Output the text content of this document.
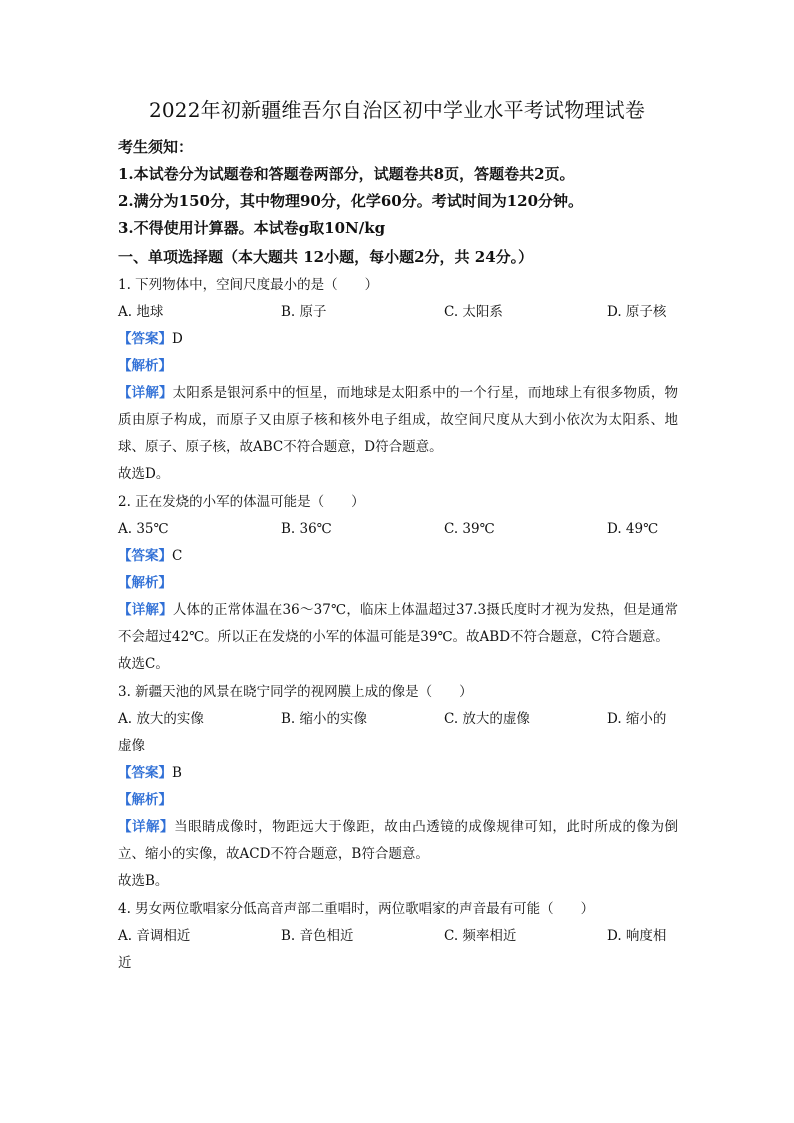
2022年初新疆维吾尔自治区初中学业水平考试物理试卷

考生须知：

1.本试卷分为试题卷和答题卷两部分，试题卷共8页，答题卷共2页。

2.满分为150分，其中物理90分，化学60分。考试时间为120分钟。

3.不得使用计算器。本试卷g取10N/kg

一、单项选择题（本大题共 12小题，每小题2分，共 24分。）

1. 下列物体中，空间尺度最小的是（　　）

A. 地球	B. 原子	C. 太阳系	D. 原子核

【答案】D

【解析】

【详解】太阳系是银河系中的恒星，而地球是太阳系中的一个行星，而地球上有很多物质，物质由原子构成，而原子又由原子核和核外电子组成，故空间尺度从大到小依次为太阳系、地球、原子、原子核，故ABC不符合题意，D符合题意。

故选D。

2. 正在发烧的小军的体温可能是（　　）

A. 35℃	B. 36℃	C. 39℃	D. 49℃

【答案】C

【解析】

【详解】人体的正常体温在36～37℃，临床上体温超过37.3摄氏度时才视为发热，但是通常不会超过42℃。所以正在发烧的小军的体温可能是39℃。故ABD不符合题意，C符合题意。

故选C。

3. 新疆天池的风景在晓宁同学的视网膜上成的像是（　　）

A. 放大的实像	B. 缩小的实像	C. 放大的虚像	D. 缩小的

虚像

【答案】B

【解析】

【详解】当眼睛成像时，物距远大于像距，故由凸透镜的成像规律可知，此时所成的像为倒立、缩小的实像，故ACD不符合题意，B符合题意。

故选B。

4. 男女两位歌唱家分低高音声部二重唱时，两位歌唱家的声音最有可能（　　）

A. 音调相近	B. 音色相近	C. 频率相近	D. 响度相

近
